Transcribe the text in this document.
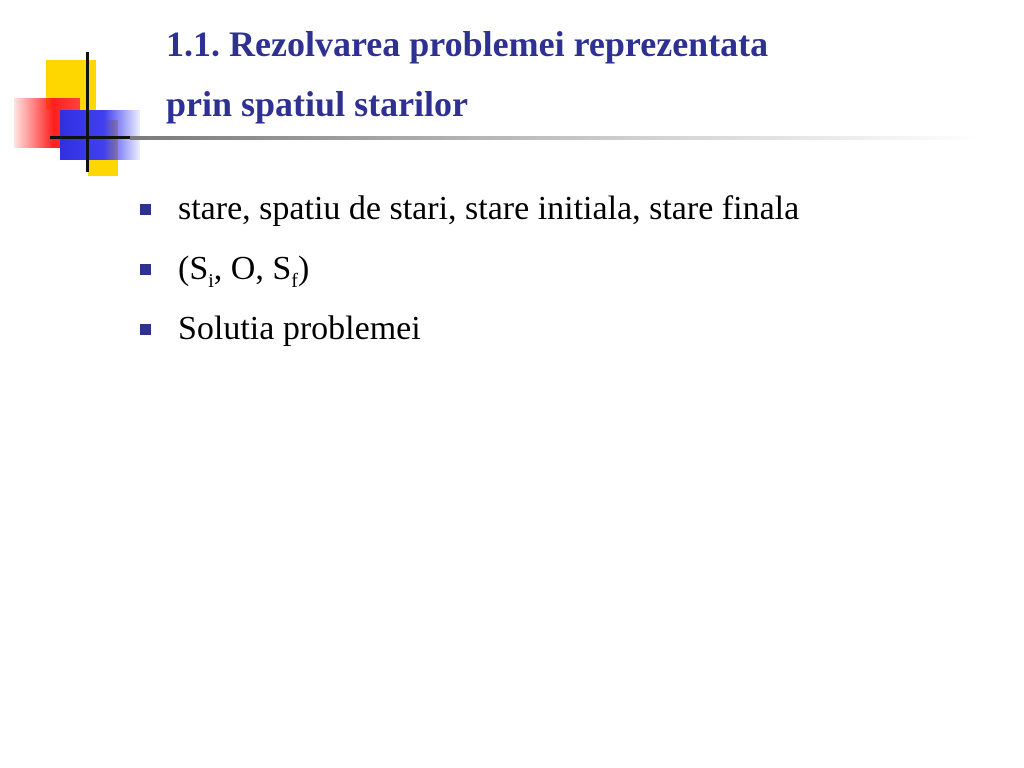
1.1. Rezolvarea problemei reprezentata
prin spatiul starilor
stare, spatiu de stari, stare initiala, stare finala
($S_i$, O, $S_f$)
Solutia problemei
